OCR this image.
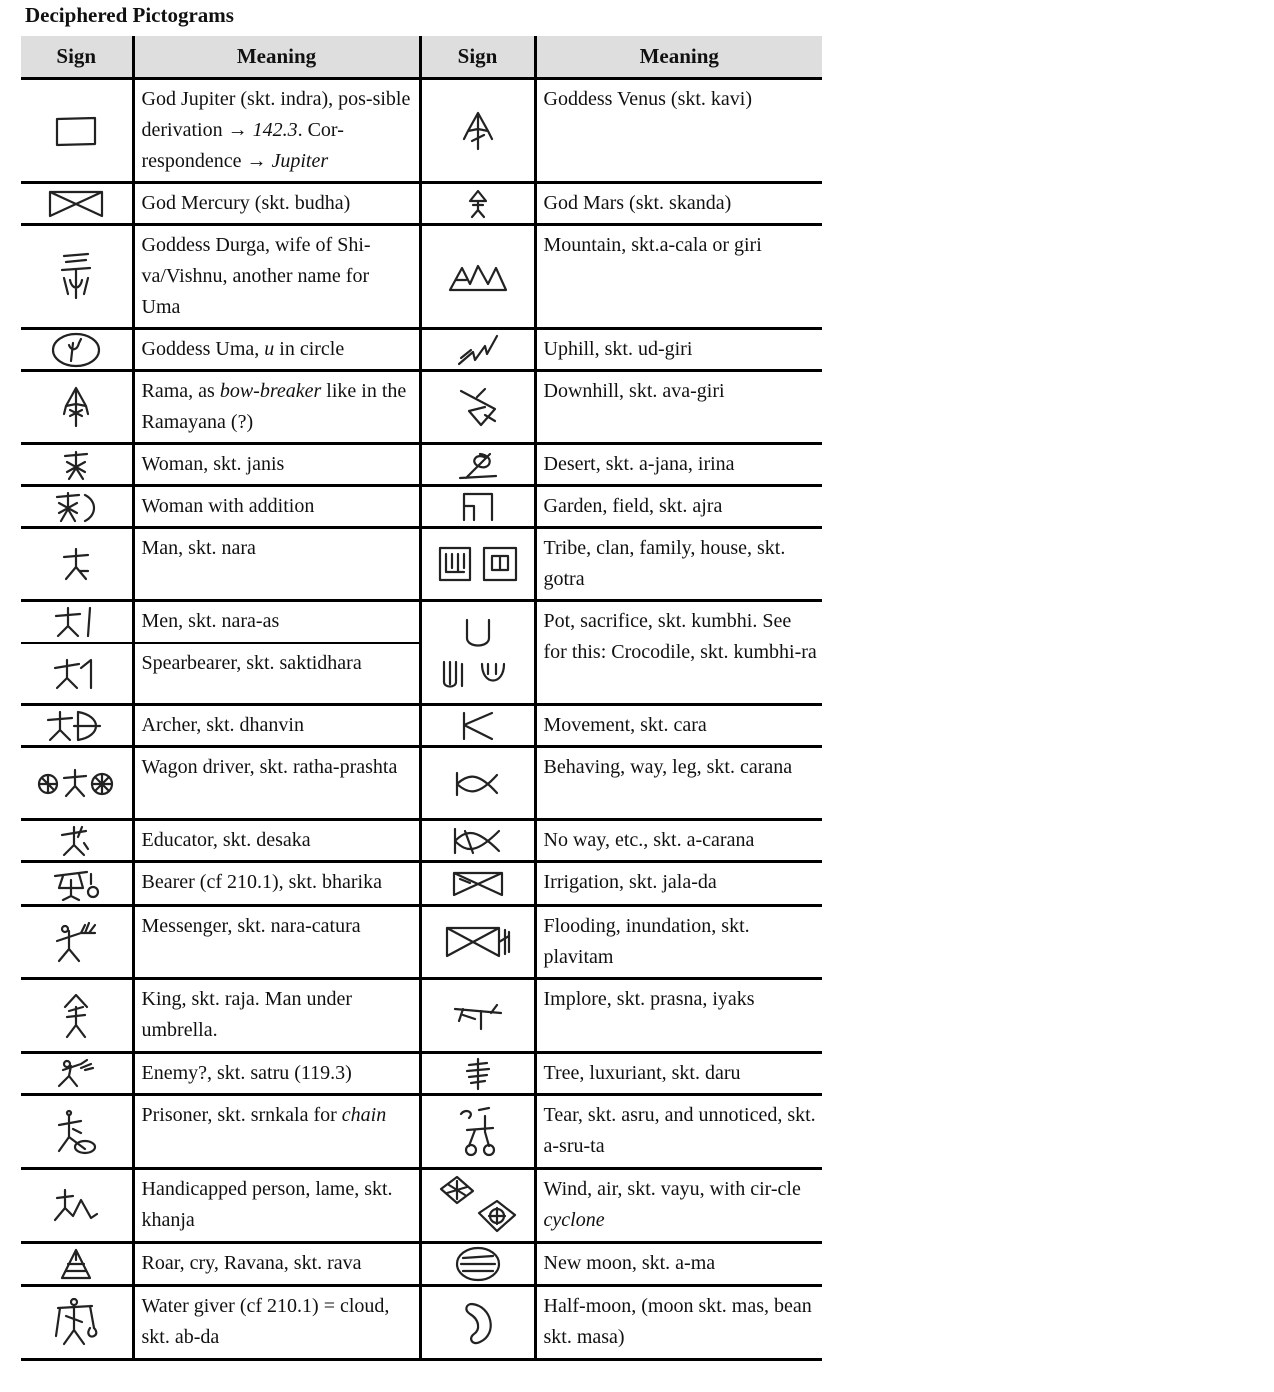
Deciphered Pictograms
Sign	Meaning	Sign	Meaning

	God Jupiter (skt. indra), pos-sible derivation → 142.3. Cor-respondence → Jupiter		Goddess Venus (skt. kavi)

	God Mercury (skt. budha)		God Mars (skt. skanda)

	Goddess Durga, wife of Shi-va/Vishnu, another name for Uma		Mountain, skt.a-cala or giri

	Goddess Uma, u in circle		Uphill, skt. ud-giri

	Rama, as bow-breaker like in the Ramayana (?)		Downhill, skt. ava-giri

	Woman, skt. janis		Desert, skt. a-jana, irina

	Woman with addition		Garden, field, skt. ajra

	Man, skt. nara		Tribe, clan, family, house, skt. gotra

	Men, skt. nara-as		Pot, sacrifice, skt. kumbhi. See for this: Crocodile, skt. kumbhi-ra

	Spearbearer, skt. saktidhara		

	Archer, skt. dhanvin		Movement, skt. cara

	Wagon driver, skt. ratha-prashta		Behaving, way, leg, skt. carana

	Educator, skt. desaka		No way, etc., skt. a-carana

	Bearer (cf 210.1), skt. bharika		Irrigation, skt. jala-da

	Messenger, skt. nara-catura		Flooding, inundation, skt. plavitam

	King, skt. raja. Man under umbrella.		Implore, skt. prasna, iyaks

	Enemy?, skt. satru (119.3)		Tree, luxuriant, skt. daru

	Prisoner, skt. srnkala for chain		Tear, skt. asru, and unnoticed, skt. a-sru-ta

	Handicapped person, lame, skt. khanja		Wind, air, skt. vayu, with cir-cle cyclone

	Roar, cry, Ravana, skt. rava		New moon, skt. a-ma

	Water giver (cf 210.1) = cloud, skt. ab-da		Half-moon, (moon skt. mas, bean skt. masa)
